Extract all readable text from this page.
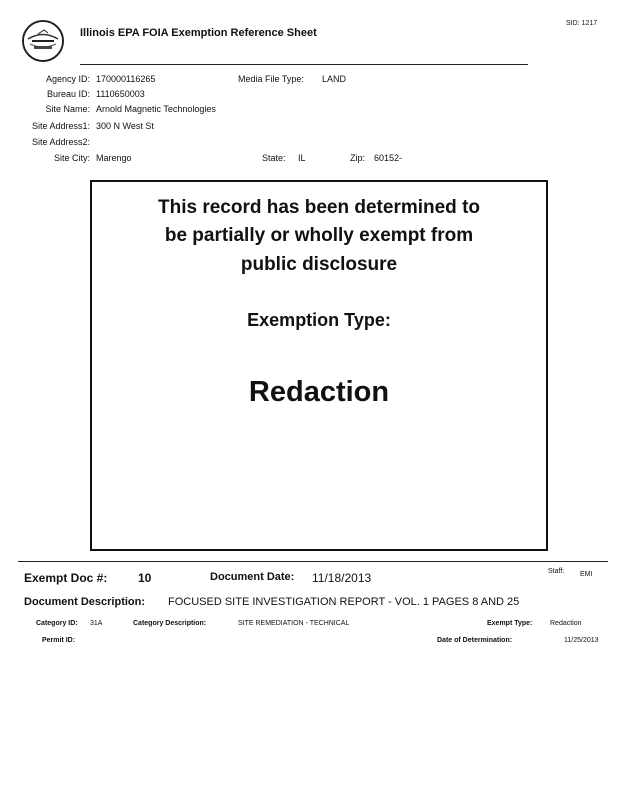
Illinois EPA FOIA Exemption Reference Sheet
SID: 1217
Agency ID: 170000116265	Media File Type: LAND
Bureau ID: 1110650003
Site Name: Arnold Magnetic Technologies
Site Address1: 300 N West St
Site Address2:
Site City: Marengo	State: IL	Zip: 60152-
This record has been determined to
be partially or wholly exempt from
public disclosure
Exemption Type:
Redaction
Exempt Doc #:	10	Document Date: 11/18/2013	Staff: EMI
Document Description: FOCUSED SITE INVESTIGATION REPORT - VOL. 1 PAGES 8 AND 25
Category ID: 31A	Category Description:	SITE REMEDIATION - TECHNICAL	Exempt Type:	Redaction
Permit ID:	Date of Determination:	11/25/2013
